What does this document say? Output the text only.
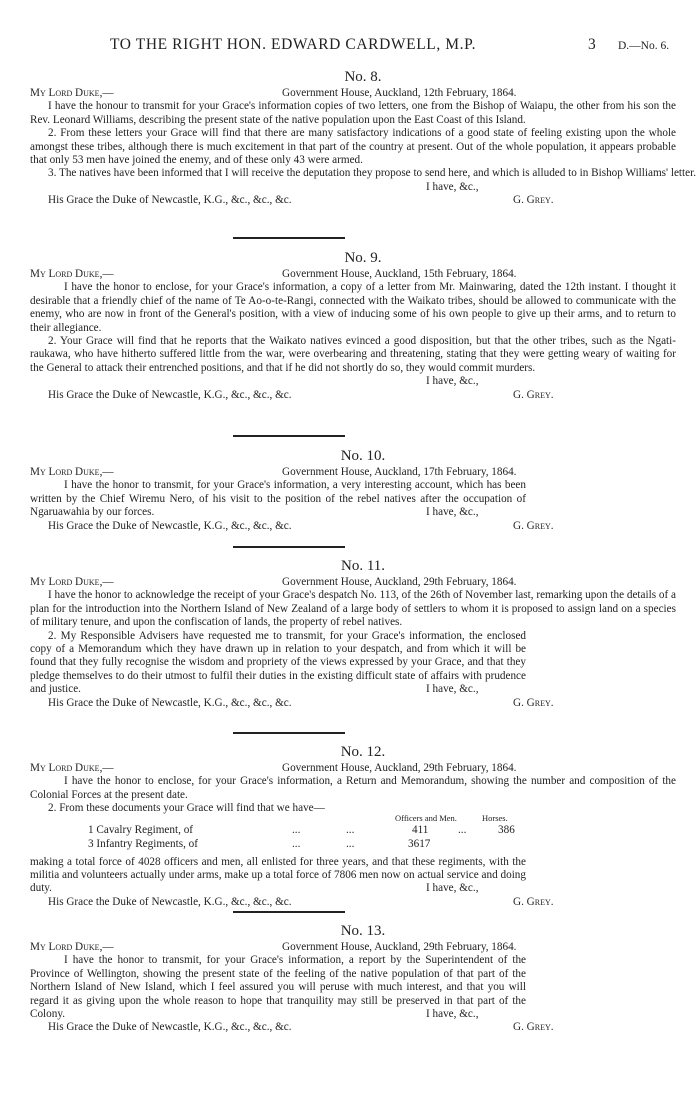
TO THE RIGHT HON. EDWARD CARDWELL, M.P.	3 D.—No. 6.
No. 8.
My Lord Duke,—	Government House, Auckland, 12th February, 1864.

I have the honour to transmit for your Grace's information copies of two letters, one from the Bishop of Waiapu, the other from his son the Rev. Leonard Williams, describing the present state of the native population upon the East Coast of this Island.

2. From these letters your Grace will find that there are many satisfactory indications of a good state of feeling existing upon the whole amongst these tribes, although there is much excitement in that part of the country at present. Out of the whole population, it appears probable that only 53 men have joined the enemy, and of these only 43 were armed.

3. The natives have been informed that I will receive the deputation they propose to send here, and which is alluded to in Bishop Williams' letter.
I have, &c.,
His Grace the Duke of Newcastle, K.G., &c., &c., &c.	G. Grey.
No. 9.
My Lord Duke,—	Government House, Auckland, 15th February, 1864.

I have the honor to enclose, for your Grace's information, a copy of a letter from Mr. Mainwaring, dated the 12th instant. I thought it desirable that a friendly chief of the name of Te Ao-o-te-Rangi, connected with the Waikato tribes, should be allowed to communicate with the enemy, who are now in front of the General's position, with a view of inducing some of his own people to give up their arms, and to return to their allegiance.

2. Your Grace will find that he reports that the Waikato natives evinced a good disposition, but that the other tribes, such as the Ngati-raukawa, who have hitherto suffered little from the war, were overbearing and threatening, stating that they were getting weary of waiting for the General to attack their entrenched positions, and that if he did not shortly do so, they would commit murders.

I have, &c.,
His Grace the Duke of Newcastle, K.G., &c., &c., &c.	G. Grey.
No. 10.
My Lord Duke,—	Government House, Auckland, 17th February, 1864.

I have the honor to transmit, for your Grace's information, a very interesting account, which has been written by the Chief Wiremu Nero, of his visit to the position of the rebel natives after the occupation of Ngaruawahia by our forces.	I have, &c.,
His Grace the Duke of Newcastle, K.G., &c., &c., &c.	G. Grey.
No. 11.
My Lord Duke,—	Government House, Auckland, 29th February, 1864.

I have the honor to acknowledge the receipt of your Grace's despatch No. 113, of the 26th of November last, remarking upon the details of a plan for the introduction into the Northern Island of New Zealand of a large body of settlers to whom it is proposed to assign land on a species of military tenure, and upon the confiscation of lands, the property of rebel natives.

2. My Responsible Advisers have requested me to transmit, for your Grace's information, the enclosed copy of a Memorandum which they have drawn up in relation to your despatch, and from which it will be found that they fully recognise the wisdom and propriety of the views expressed by your Grace, and that they pledge themselves to do their utmost to fulfil their duties in the existing difficult state of affairs with prudence and justice.	I have, &c.,
His Grace the Duke of Newcastle, K.G., &c., &c., &c.	G. Grey.
No. 12.
My Lord Duke,—	Government House, Auckland, 29th February, 1864.

I have the honor to enclose, for your Grace's information, a Return and Memorandum, showing the number and composition of the Colonial Forces at the present date.

2. From these documents your Grace will find that we have—

Officers and Men.	Horses.
1 Cavalry Regiment, of	...	...	411	...	386
3 Infantry Regiments, of	...	...	3617

making a total force of 4028 officers and men, all enlisted for three years, and that these regiments, with the militia and volunteers actually under arms, make up a total force of 7806 men now on actual service and doing duty.	I have, &c.,
His Grace the Duke of Newcastle, K.G., &c., &c., &c.	G. Grey.
No. 13.
My Lord Duke,—	Government House, Auckland, 29th February, 1864.

I have the honor to transmit, for your Grace's information, a report by the Superintendent of the Province of Wellington, showing the present state of the feeling of the native population of that part of the Northern Island of New Island, which I feel assured you will peruse with much interest, and that you will regard it as giving upon the whole reason to hope that tranquility may still be preserved in that part of the Colony.	I have, &c.,
His Grace the Duke of Newcastle, K.G., &c., &c., &c.	G. Grey.
